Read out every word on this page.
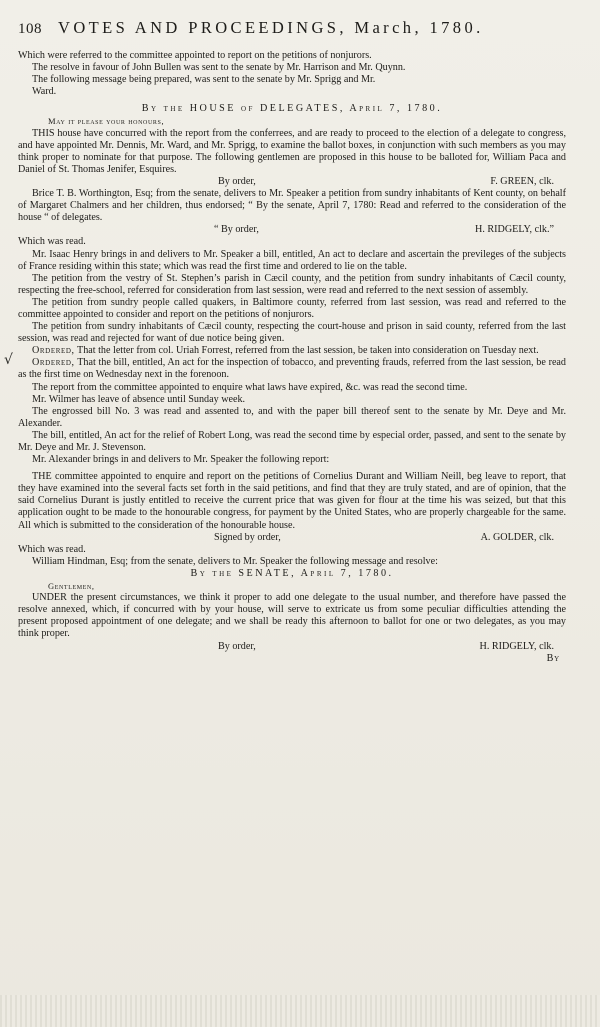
√
108 VOTES AND PROCEEDINGS, March, 1780.

Which were referred to the committee appointed to report on the petitions of nonjurors.

The resolve in favour of John Bullen was sent to the senate by Mr. Harrison and Mr. Quynn.

The following message being prepared, was sent to the senate by Mr. Sprigg and Mr.
Ward.

By the HOUSE of DELEGATES, April 7, 1780.

May it please your honours,

THIS house have concurred with the report from the conferrees, and are ready to proceed to the election of a delegate to congress, and have appointed Mr. Dennis, Mr. Ward, and Mr. Sprigg, to examine the ballot boxes, in conjunction with such members as you may think proper to nominate for that purpose. The following gentlemen are proposed in this house to be balloted for, William Paca and Daniel of St. Thomas Jenifer, Esquires.

By order,	F. GREEN, clk.

Brice T. B. Worthington, Esq; from the senate, delivers to Mr. Speaker a petition from sundry inhabitants of Kent county, on behalf of Margaret Chalmers and her children, thus endorsed; “ By the senate, April 7, 1780: Read and referred to the consideration of the house “ of delegates.

“ By order,	H. RIDGELY, clk.”

Which was read.

Mr. Isaac Henry brings in and delivers to Mr. Speaker a bill, entitled, An act to declare and ascertain the previleges of the subjects of France residing within this state; which was read the first time and ordered to lie on the table.

The petition from the vestry of St. Stephen’s parish in Cæcil county, and the petition from sundry inhabitants of Cæcil county, respecting the free-school, referred for consideration from last session, were read and referred to the next session of assembly.

The petition from sundry people called quakers, in Baltimore county, referred from last session, was read and referred to the committee appointed to consider and report on the petitions of nonjurors.

The petition from sundry inhabitants of Cæcil county, respecting the court-house and prison in said county, referred from the last session, was read and rejected for want of due notice being given.

Ordered, That the letter from col. Uriah Forrest, referred from the last session, be taken into consideration on Tuesday next.

Ordered, That the bill, entitled, An act for the inspection of tobacco, and preventing frauds, referred from the last session, be read as the first time on Wednesday next in the forenoon.

The report from the committee appointed to enquire what laws have expired, &c. was read the second time.

Mr. Wilmer has leave of absence until Sunday week.

The engrossed bill No. 3 was read and assented to, and with the paper bill thereof sent to the senate by Mr. Deye and Mr. Alexander.

The bill, entitled, An act for the relief of Robert Long, was read the second time by especial order, passed, and sent to the senate by Mr. Deye and Mr. J. Stevenson.

Mr. Alexander brings in and delivers to Mr. Speaker the following report:

THE committee appointed to enquire and report on the petitions of Cornelius Durant and William Neill, beg leave to report, that they have examined into the several facts set forth in the said petitions, and find that they are truly stated, and are of opinion, that the said Cornelius Durant is justly entitled to receive the current price that was given for flour at the time his was seized, but that this application ought to be made to the honourable congress, for payment by the United States, who are properly chargeable for the same. All which is submitted to the consideration of the honourable house.

Signed by order,	A. GOLDER, clk.

Which was read.

William Hindman, Esq; from the senate, delivers to Mr. Speaker the following message and resolve:

By the SENATE, April 7, 1780.

Gentlemen,

UNDER the present circumstances, we think it proper to add one delegate to the usual number, and therefore have passed the resolve annexed, which, if concurred with by your house, will serve to extricate us from some peculiar difficulties attending the present proposed appointment of one delegate; and we shall be ready this afternoon to ballot for one or two delegates, as you may think proper.

By order,	H. RIDGELY, clk.

By
